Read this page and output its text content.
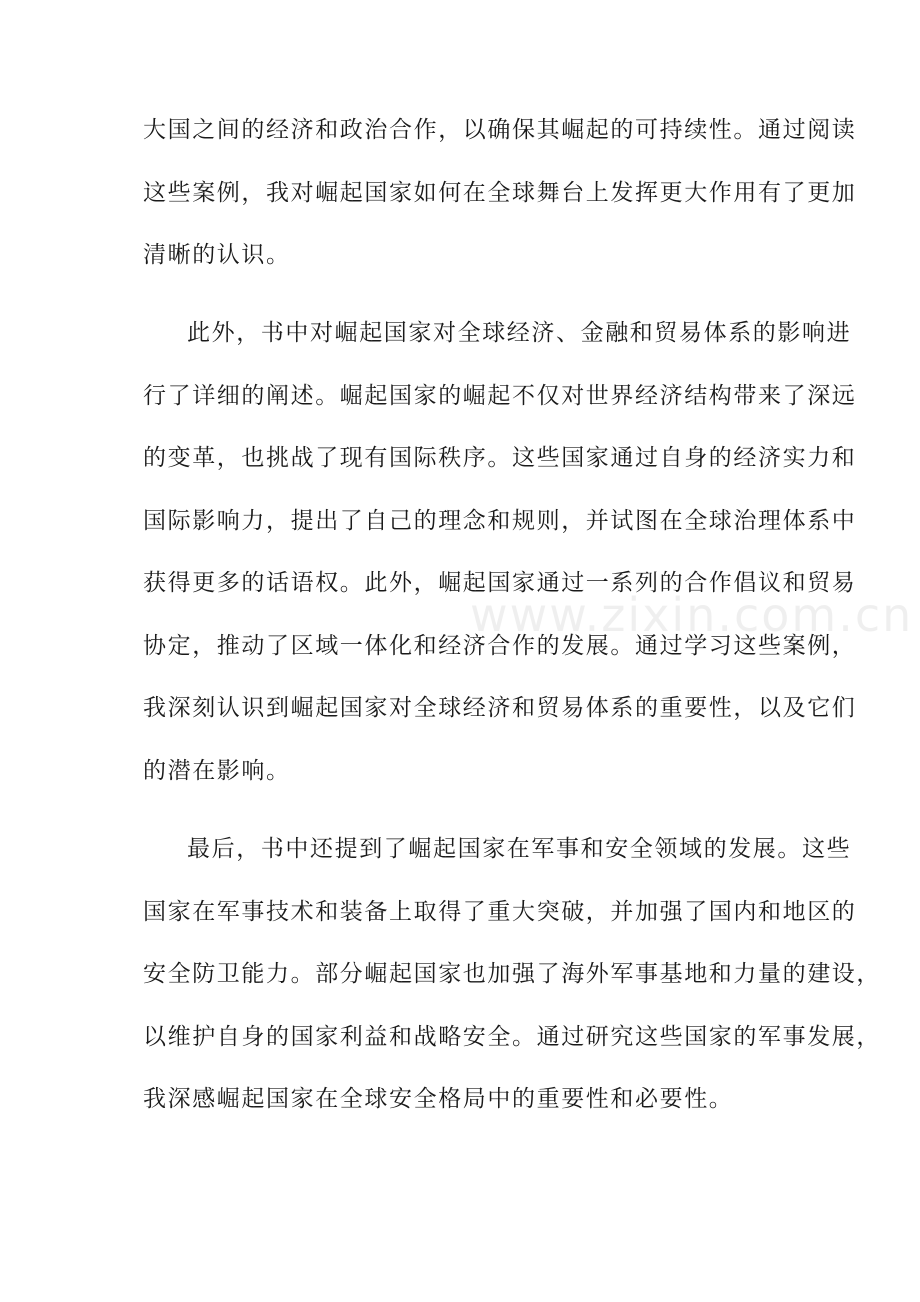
www.zixin.com.cn
大国之间的经济和政治合作，以确保其崛起的可持续性。通过阅读
这些案例，我对崛起国家如何在全球舞台上发挥更大作用有了更加
清晰的认识。
此外，书中对崛起国家对全球经济、金融和贸易体系的影响进
行了详细的阐述。崛起国家的崛起不仅对世界经济结构带来了深远
的变革，也挑战了现有国际秩序。这些国家通过自身的经济实力和
国际影响力，提出了自己的理念和规则，并试图在全球治理体系中
获得更多的话语权。此外，崛起国家通过一系列的合作倡议和贸易
协定，推动了区域一体化和经济合作的发展。通过学习这些案例，
我深刻认识到崛起国家对全球经济和贸易体系的重要性，以及它们
的潜在影响。
最后，书中还提到了崛起国家在军事和安全领域的发展。这些
国家在军事技术和装备上取得了重大突破，并加强了国内和地区的
安全防卫能力。部分崛起国家也加强了海外军事基地和力量的建设，
以维护自身的国家利益和战略安全。通过研究这些国家的军事发展，
我深感崛起国家在全球安全格局中的重要性和必要性。
